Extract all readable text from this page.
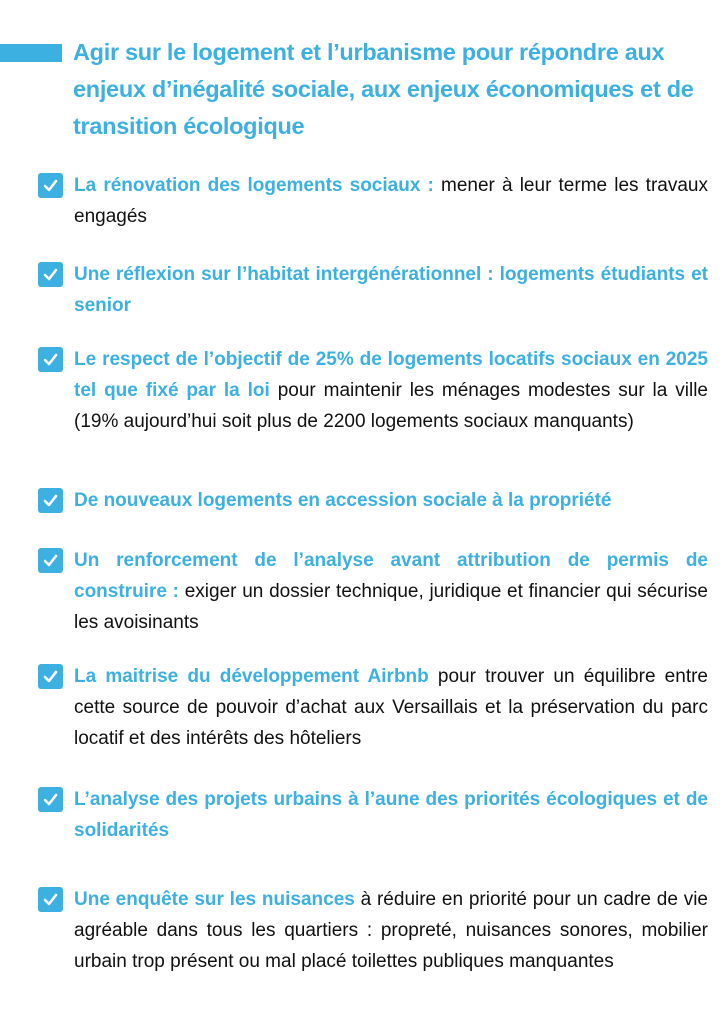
Agir sur le logement et l’urbanisme pour répondre aux enjeux d’inégalité sociale, aux enjeux économiques et de transition écologique
La rénovation des logements sociaux : mener à leur terme les travaux engagés
Une réflexion sur l’habitat intergénérationnel : logements étudiants et senior
Le respect de l’objectif de 25% de logements locatifs sociaux en 2025 tel que fixé par la loi pour maintenir les ménages modestes sur la ville (19% aujourd’hui soit plus de 2200 logements sociaux manquants)
De nouveaux logements en accession sociale à la propriété
Un renforcement de l’analyse avant attribution de permis de construire : exiger un dossier technique, juridique et financier qui sécurise les avoisinants
La maitrise du développement Airbnb pour trouver un équilibre entre cette source de pouvoir d’achat aux Versaillais et la préservation du parc locatif et des intérêts des hôteliers
L’analyse des projets urbains à l’aune des priorités écologiques et de solidarités
Une enquête sur les nuisances à réduire en priorité pour un cadre de vie agréable dans tous les quartiers : propreté, nuisances sonores, mobilier urbain trop présent ou mal placé toilettes publiques manquantes
